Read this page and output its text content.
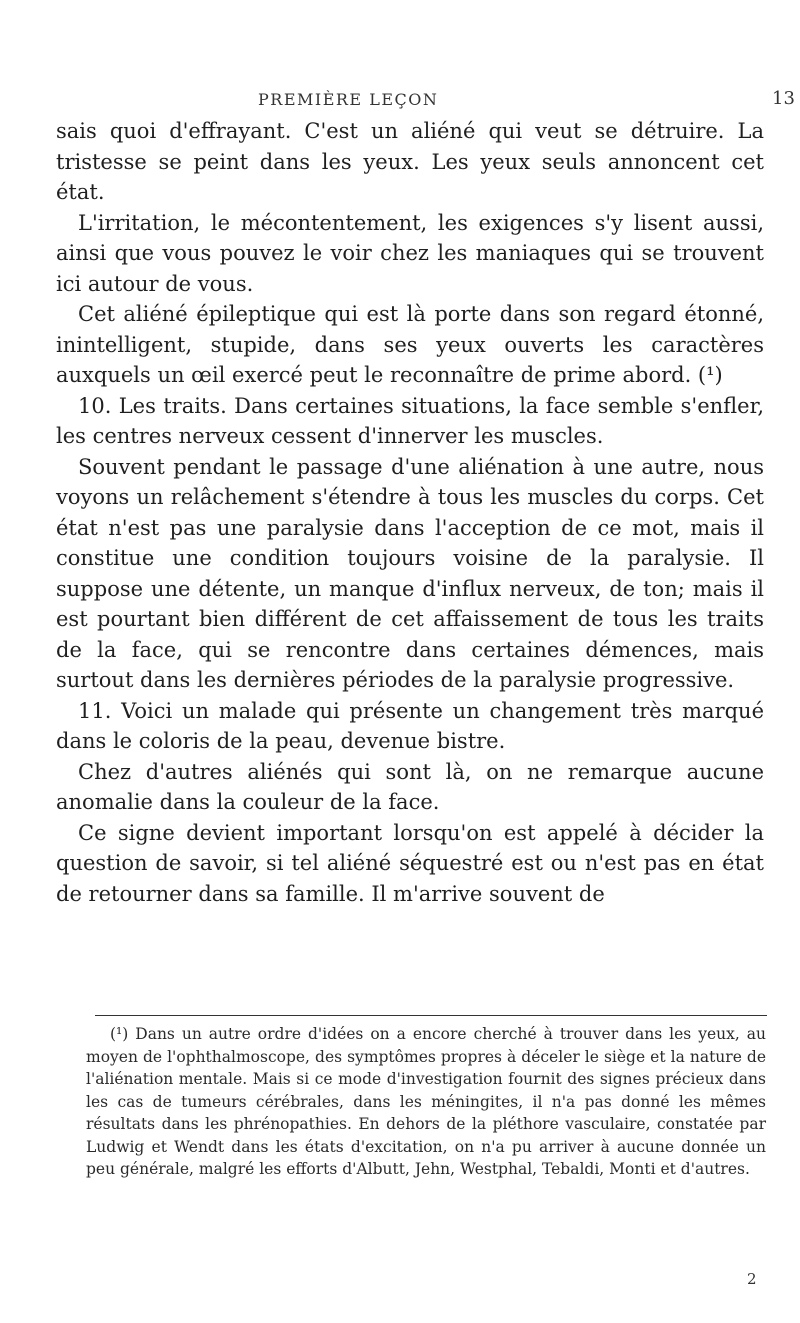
PREMIÈRE LEÇON	13

sais quoi d'effrayant. C'est un aliéné qui veut se détruire. La tristesse se peint dans les yeux. Les yeux seuls annoncent cet état.

L'irritation, le mécontentement, les exigences s'y lisent aussi, ainsi que vous pouvez le voir chez les maniaques qui se trouvent ici autour de vous.

Cet aliéné épileptique qui est là porte dans son regard étonné, inintelligent, stupide, dans ses yeux ouverts les caractères auxquels un œil exercé peut le reconnaître de prime abord. (¹)

10. Les traits. Dans certaines situations, la face semble s'enfler, les centres nerveux cessent d'innerver les muscles.

Souvent pendant le passage d'une aliénation à une autre, nous voyons un relâchement s'étendre à tous les muscles du corps. Cet état n'est pas une paralysie dans l'acception de ce mot, mais il constitue une condition toujours voisine de la paralysie. Il suppose une détente, un manque d'influx nerveux, de ton; mais il est pourtant bien différent de cet affaissement de tous les traits de la face, qui se rencontre dans certaines démences, mais surtout dans les dernières périodes de la paralysie progressive.

11. Voici un malade qui présente un changement très marqué dans le coloris de la peau, devenue bistre.

Chez d'autres aliénés qui sont là, on ne remarque aucune anomalie dans la couleur de la face.

Ce signe devient important lorsqu'on est appelé à décider la question de savoir, si tel aliéné séquestré est ou n'est pas en état de retourner dans sa famille. Il m'arrive souvent de

(¹) Dans un autre ordre d'idées on a encore cherché à trouver dans les yeux, au moyen de l'ophthalmoscope, des symptômes propres à déceler le siège et la nature de l'aliénation mentale. Mais si ce mode d'investigation fournit des signes précieux dans les cas de tumeurs cérébrales, dans les méningites, il n'a pas donné les mêmes résultats dans les phrénopathies. En dehors de la pléthore vasculaire, constatée par Ludwig et Wendt dans les états d'excitation, on n'a pu arriver à aucune donnée un peu générale, malgré les efforts d'Albutt, Jehn, Westphal, Tebaldi, Monti et d'autres.

2
